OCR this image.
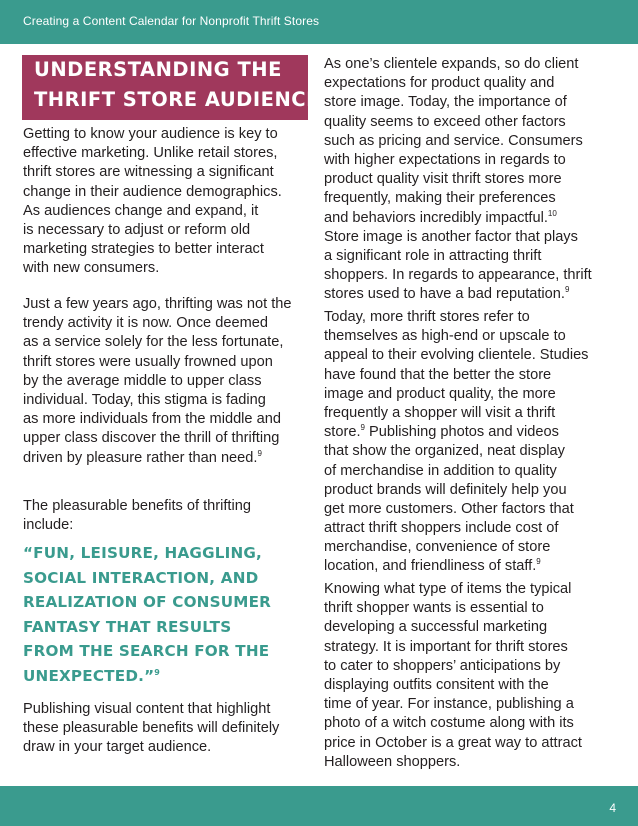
Creating a Content Calendar for Nonprofit Thrift Stores
UNDERSTANDING THE
THRIFT STORE AUDIENCE
Getting to know your audience is key to
effective marketing. Unlike retail stores,
thrift stores are witnessing a significant
change in their audience demographics.
As audiences change and expand, it
is necessary to adjust or reform old
marketing strategies to better interact
with new consumers.
Just a few years ago, thrifting was not the
trendy activity it is now. Once deemed
as a service solely for the less fortunate,
thrift stores were usually frowned upon
by the average middle to upper class
individual. Today, this stigma is fading
as more individuals from the middle and
upper class discover the thrill of thrifting
driven by pleasure rather than need.$^9$
The pleasurable benefits of thrifting
include:
“FUN, LEISURE, HAGGLING,
SOCIAL INTERACTION, AND
REALIZATION OF CONSUMER
FANTASY THAT RESULTS
FROM THE SEARCH FOR THE
UNEXPECTED.”$^9$
Publishing visual content that highlight
these pleasurable benefits will definitely
draw in your target audience.
As one’s clientele expands, so do client
expectations for product quality and
store image. Today, the importance of
quality seems to exceed other factors
such as pricing and service. Consumers
with higher expectations in regards to
product quality visit thrift stores more
frequently, making their preferences
and behaviors incredibly impactful.$^{10}$
Store image is another factor that plays
a significant role in attracting thrift
shoppers. In regards to appearance, thrift
stores used to have a bad reputation.$^9$
Today, more thrift stores refer to
themselves as high-end or upscale to
appeal to their evolving clientele. Studies
have found that the better the store
image and product quality, the more
frequently a shopper will visit a thrift
store.$^9$ Publishing photos and videos
that show the organized, neat display
of merchandise in addition to quality
product brands will definitely help you
get more customers. Other factors that
attract thrift shoppers include cost of
merchandise, convenience of store
location, and friendliness of staff.$^9$
Knowing what type of items the typical
thrift shopper wants is essential to
developing a successful marketing
strategy. It is important for thrift stores
to cater to shoppers’ anticipations by
displaying outfits consitent with the
time of year. For instance, publishing a
photo of a witch costume along with its
price in October is a great way to attract
Halloween shoppers.
4
